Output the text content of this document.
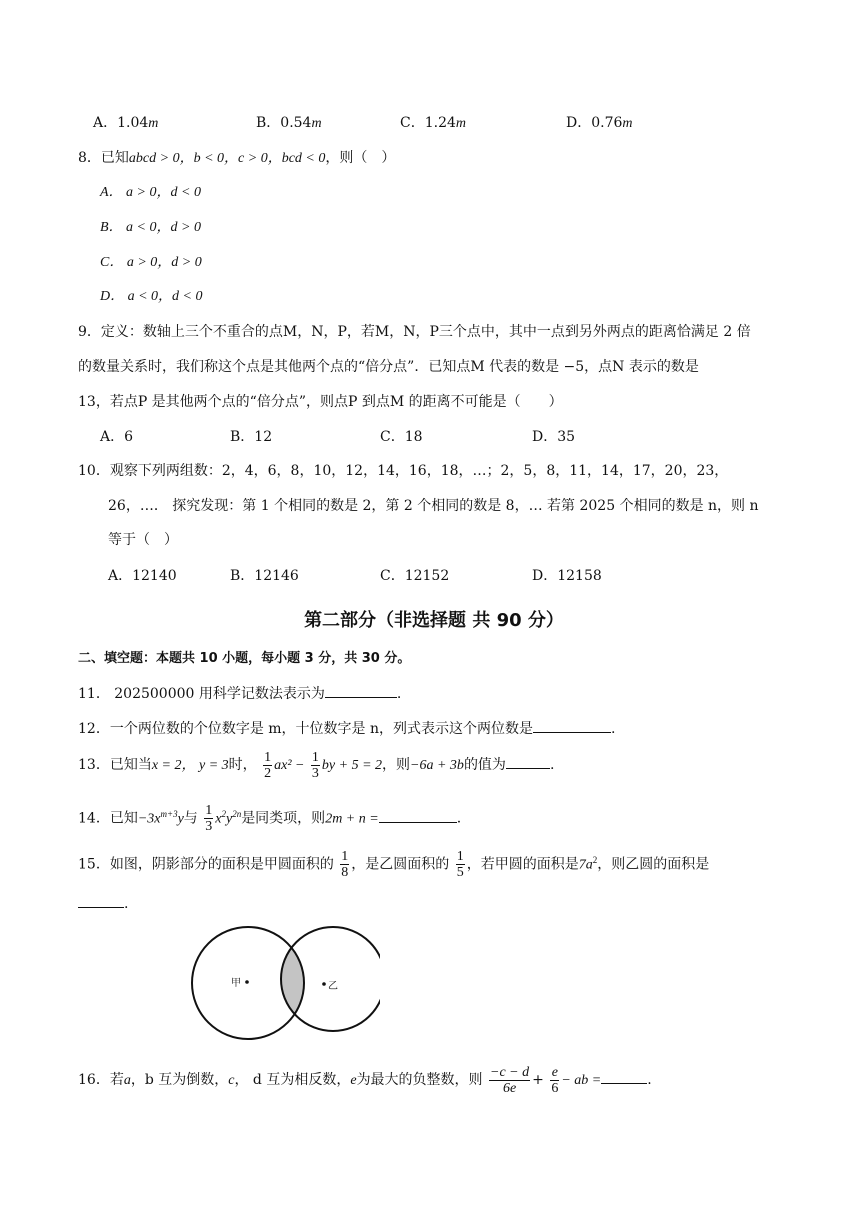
A．1.04m	B．0.54m	C．1.24m	D．0.76m
8．已知abcd > 0，b < 0，c > 0，bcd < 0，则（　）
A． a > 0，d < 0
B． a < 0，d > 0
C． a > 0，d > 0
D． a < 0，d < 0
9．定义：数轴上三个不重合的点M，N，P，若M，N，P三个点中，其中一点到另外两点的距离恰满足 2 倍
的数量关系时，我们称这个点是其他两个点的“倍分点”．已知点M 代表的数是 −5，点N 表示的数是
13，若点P 是其他两个点的“倍分点”，则点P 到点M 的距离不可能是（　　）
A．6	B．12	C．18	D．35
10．观察下列两组数：2，4，6，8，10，12，14，16，18，…；2，5，8，11，14，17，20，23，
26，…． 探究发现：第 1 个相同的数是 2，第 2 个相同的数是 8，… 若第 2025 个相同的数是 n，则 n
等于（　）
A．12140	B．12146	C．12152	D．12158
第二部分（非选择题 共 90 分）
二、填空题：本题共 10 小题，每小题 3 分，共 30 分。
11． 202500000 用科学记数法表示为	.
12．一个两位数的个位数字是 m，十位数字是 n，列式表示这个两位数是	.
13．已知当x = 2， y = 3时， $\frac{1}{2} ax^2 - \frac{1}{3}$ by + 5 = 2，则−6a + 3b的值为	.
14．已知$-3x^{m+3}y$与 $\frac{1}{3} x^2y^{2n}$是同类项，则2m + n =	.
15．如图，阴影部分的面积是甲圆面积的 $\frac{1}{8}$ ，是乙圆面积的 $\frac{1}{5}$ ，若甲圆的面积是$7a^2$，则乙圆的面积是
.
甲	乙
16．若a，b 互为倒数，c， d 互为相反数，e为最大的负整数，则 $\frac{-c - d}{6e} + \frac{e}{6}$ − ab =	.
